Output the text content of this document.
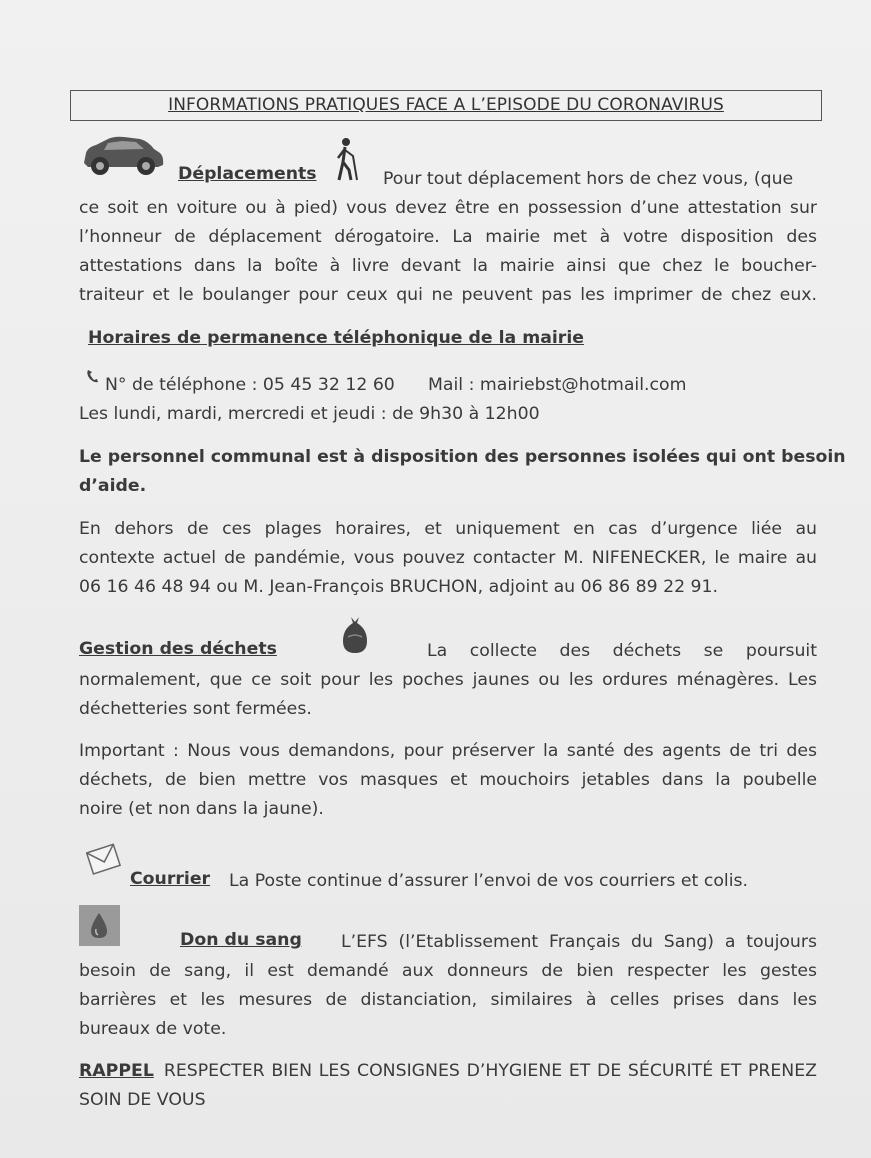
INFORMATIONS PRATIQUES FACE A L’EPISODE DU CORONAVIRUS
Déplacements	Pour tout déplacement hors de chez vous, (que
ce soit en voiture ou à pied) vous devez être en possession d’une attestation sur
l’honneur de déplacement dérogatoire. La mairie met à votre disposition des
attestations dans la boîte à livre devant la mairie ainsi que chez le boucher-
traiteur et le boulanger pour ceux qui ne peuvent pas les imprimer de chez eux.
Horaires de permanence téléphonique de la mairie
N° de téléphone : 05 45 32 12 60 Mail : mairiebst@hotmail.com
Les lundi, mardi, mercredi et jeudi : de 9h30 à 12h00
Le personnel communal est à disposition des personnes isolées qui ont besoin
d’aide.
En dehors de ces plages horaires, et uniquement en cas d’urgence liée au
contexte actuel de pandémie, vous pouvez contacter M. NIFENECKER, le maire au
06 16 46 48 94 ou M. Jean-François BRUCHON, adjoint au 06 86 89 22 91.
Gestion des déchets	La collecte des déchets se poursuit
normalement, que ce soit pour les poches jaunes ou les ordures ménagères. Les
déchetteries sont fermées.
Important : Nous vous demandons, pour préserver la santé des agents de tri des
déchets, de bien mettre vos masques et mouchoirs jetables dans la poubelle
noire (et non dans la jaune).
Courrier La Poste continue d’assurer l’envoi de vos courriers et colis.
Don du sang L’EFS (l’Etablissement Français du Sang) a toujours
besoin de sang, il est demandé aux donneurs de bien respecter les gestes
barrières et les mesures de distanciation, similaires à celles prises dans les
bureaux de vote.
RAPPEL RESPECTER BIEN LES CONSIGNES D’HYGIENE ET DE SÉCURITÉ ET PRENEZ
SOIN DE VOUS
